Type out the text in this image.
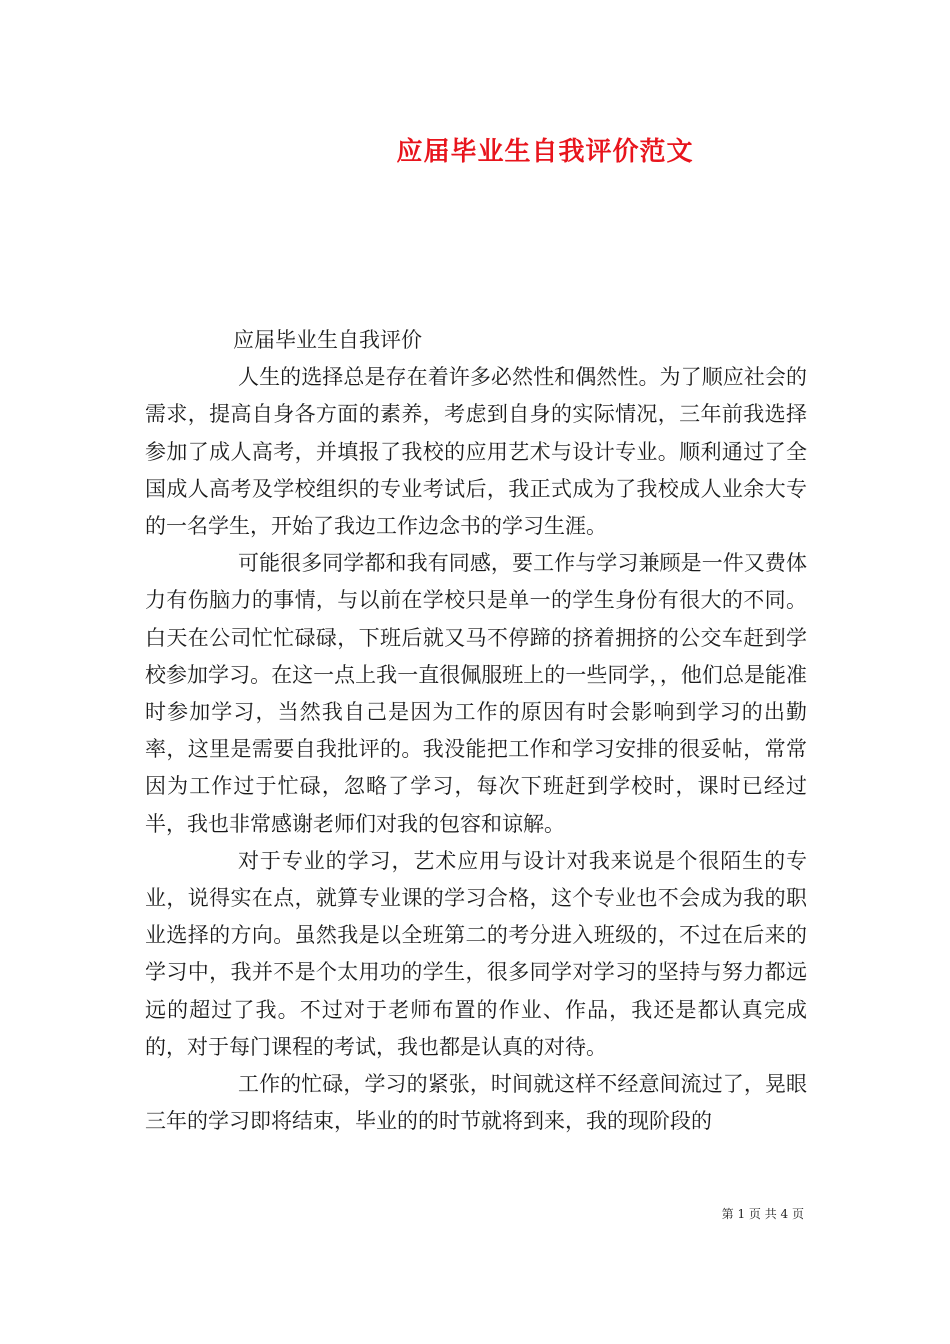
应届毕业生自我评价范文

应届毕业生自我评价

人生的选择总是存在着许多必然性和偶然性。为了顺应社会的需求，提高自身各方面的素养，考虑到自身的实际情况，三年前我选择参加了成人高考，并填报了我校的应用艺术与设计专业。顺利通过了全国成人高考及学校组织的专业考试后，我正式成为了我校成人业余大专的一名学生，开始了我边工作边念书的学习生涯。

可能很多同学都和我有同感，要工作与学习兼顾是一件又费体力有伤脑力的事情，与以前在学校只是单一的学生身份有很大的不同。白天在公司忙忙碌碌，下班后就又马不停蹄的挤着拥挤的公交车赶到学校参加学习。在这一点上我一直很佩服班上的一些同学，，他们总是能准时参加学习，当然我自己是因为工作的原因有时会影响到学习的出勤率，这里是需要自我批评的。我没能把工作和学习安排的很妥帖，常常因为工作过于忙碌，忽略了学习，每次下班赶到学校时，课时已经过半，我也非常感谢老师们对我的包容和谅解。

对于专业的学习，艺术应用与设计对我来说是个很陌生的专业，说得实在点，就算专业课的学习合格，这个专业也不会成为我的职业选择的方向。虽然我是以全班第二的考分进入班级的，不过在后来的学习中，我并不是个太用功的学生，很多同学对学习的坚持与努力都远远的超过了我。不过对于老师布置的作业、作品，我还是都认真完成的，对于每门课程的考试，我也都是认真的对待。

工作的忙碌，学习的紧张，时间就这样不经意间流过了，晃眼三年的学习即将结束，毕业的的时节就将到来，我的现阶段的

第 1 页 共 4 页
